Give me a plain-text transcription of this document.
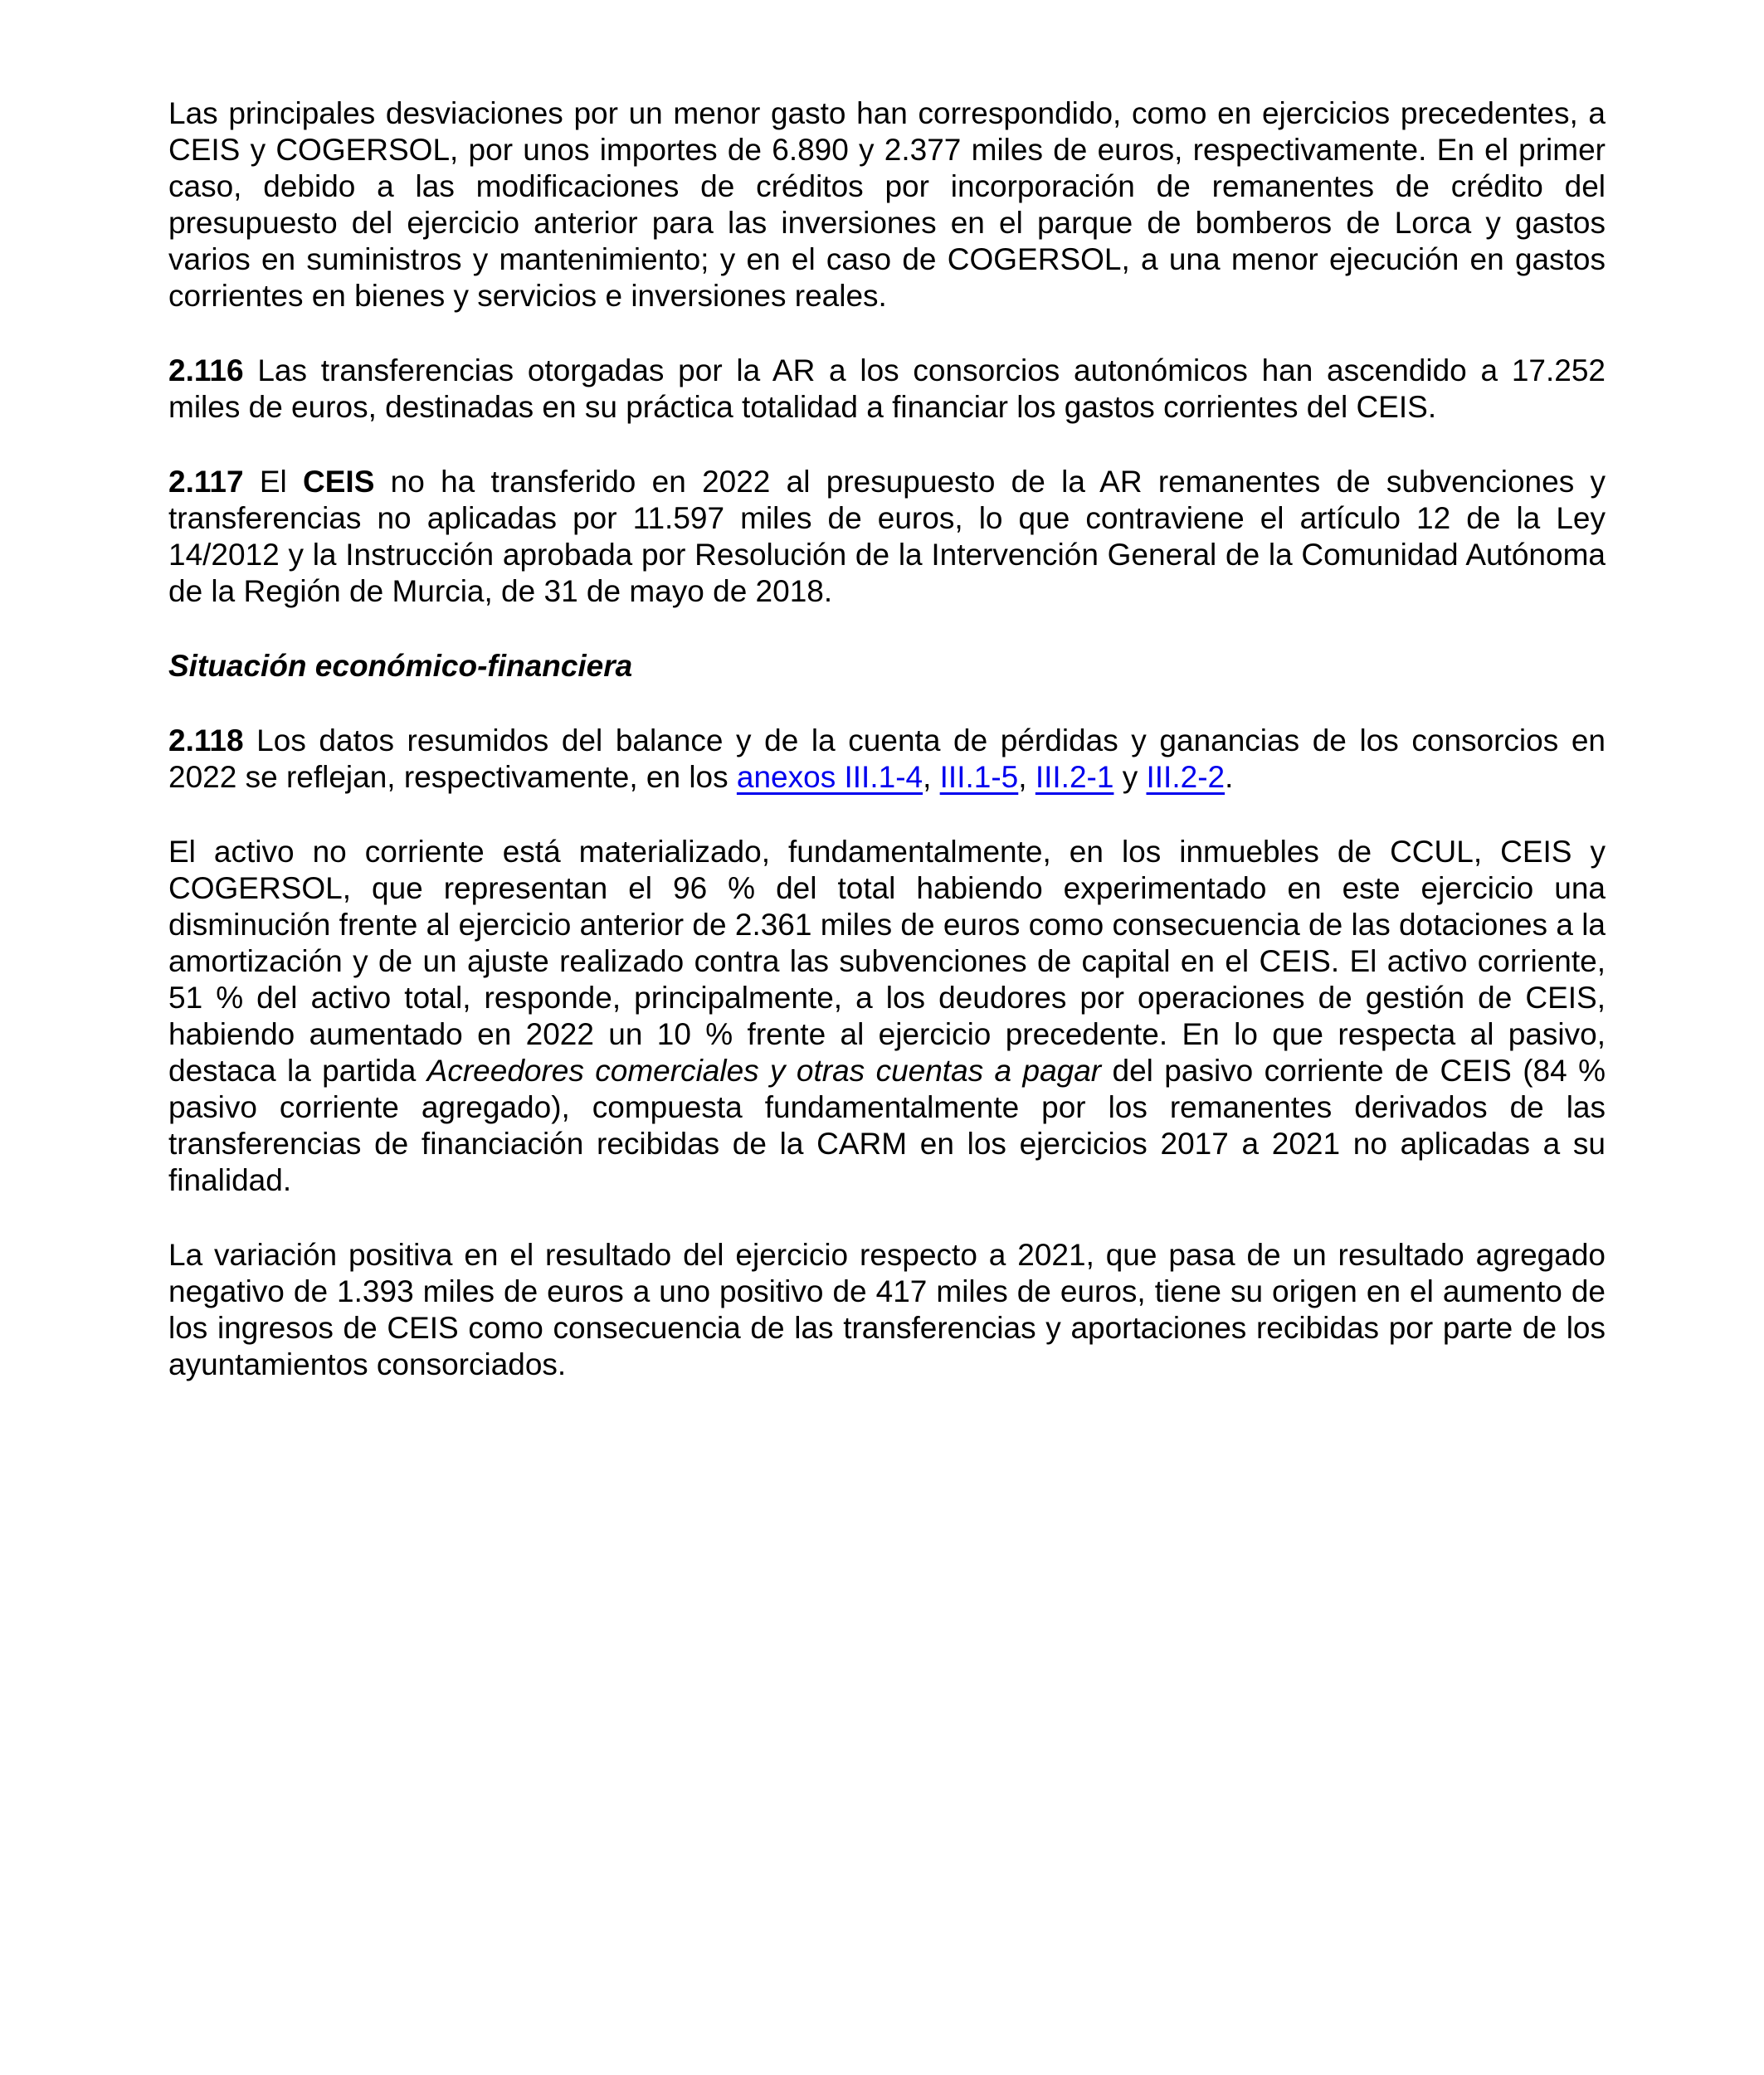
Las principales desviaciones por un menor gasto han correspondido, como en ejercicios precedentes, a CEIS y COGERSOL, por unos importes de 6.890 y 2.377 miles de euros, respectivamente. En el primer caso, debido a las modificaciones de créditos por incorporación de remanentes de crédito del presupuesto del ejercicio anterior para las inversiones en el parque de bomberos de Lorca y gastos varios en suministros y mantenimiento; y en el caso de COGERSOL, a una menor ejecución en gastos corrientes en bienes y servicios e inversiones reales.

2.116 Las transferencias otorgadas por la AR a los consorcios autonómicos han ascendido a 17.252 miles de euros, destinadas en su práctica totalidad a financiar los gastos corrientes del CEIS.

2.117 El CEIS no ha transferido en 2022 al presupuesto de la AR remanentes de subvenciones y transferencias no aplicadas por 11.597 miles de euros, lo que contraviene el artículo 12 de la Ley 14/2012 y la Instrucción aprobada por Resolución de la Intervención General de la Comunidad Autónoma de la Región de Murcia, de 31 de mayo de 2018.

Situación económico-financiera

2.118 Los datos resumidos del balance y de la cuenta de pérdidas y ganancias de los consorcios en 2022 se reflejan, respectivamente, en los anexos III.1-4, III.1-5, III.2-1 y III.2-2.

El activo no corriente está materializado, fundamentalmente, en los inmuebles de CCUL, CEIS y COGERSOL, que representan el 96 % del total habiendo experimentado en este ejercicio una disminución frente al ejercicio anterior de 2.361 miles de euros como consecuencia de las dotaciones a la amortización y de un ajuste realizado contra las subvenciones de capital en el CEIS. El activo corriente, 51 % del activo total, responde, principalmente, a los deudores por operaciones de gestión de CEIS, habiendo aumentado en 2022 un 10 % frente al ejercicio precedente. En lo que respecta al pasivo, destaca la partida Acreedores comerciales y otras cuentas a pagar del pasivo corriente de CEIS (84 % pasivo corriente agregado), compuesta fundamentalmente por los remanentes derivados de las transferencias de financiación recibidas de la CARM en los ejercicios 2017 a 2021 no aplicadas a su finalidad.

La variación positiva en el resultado del ejercicio respecto a 2021, que pasa de un resultado agregado negativo de 1.393 miles de euros a uno positivo de 417 miles de euros, tiene su origen en el aumento de los ingresos de CEIS como consecuencia de las transferencias y aportaciones recibidas por parte de los ayuntamientos consorciados.
